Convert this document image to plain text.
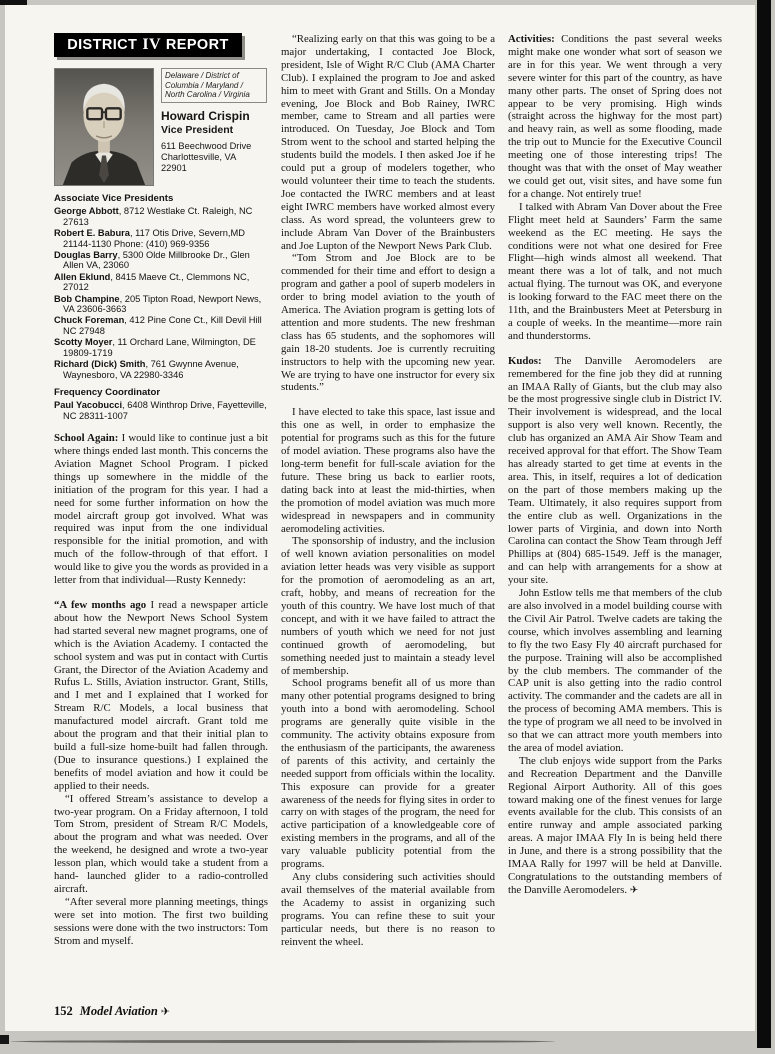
DISTRICT IV REPORT
Delaware / District of Columbia / Maryland / North Carolina / Virginia
Howard Crispin
Vice President
611 Beechwood Drive
Charlottesville, VA
22901
Associate Vice Presidents
George Abbott, 8712 Westlake Ct. Raleigh, NC 27613
Robert E. Babura, 117 Otis Drive, Severn,MD 21144-1130 Phone: (410) 969-9356
Douglas Barry, 5300 Olde Millbrooke Dr., Glen Allen VA, 23060
Allen Eklund, 8415 Maeve Ct., Clemmons NC, 27012
Bob Champine, 205 Tipton Road, Newport News, VA 23606-3663
Chuck Foreman, 412 Pine Cone Ct., Kill Devil Hill NC 27948
Scotty Moyer, 11 Orchard Lane, Wilmington, DE 19809-1719
Richard (Dick) Smith, 761 Gwynne Avenue, Waynesboro, VA 22980-3346
Frequency Coordinator
Paul Yacobucci, 6408 Winthrop Drive, Fayetteville, NC 28311-1007

School Again: I would like to continue just a bit where things ended last month. This concerns the Aviation Magnet School Program. I picked things up somewhere in the middle of the initiation of the program for this year. I had a need for some further information on how the model aircraft group got involved. What was required was input from the one individual responsible for the initial promotion, and with much of the follow-through of that effort. I would like to give you the words as provided in a letter from that individual—Rusty Kennedy:

“A few months ago I read a newspaper article about how the Newport News School System had started several new magnet programs, one of which is the Aviation Academy. I contacted the school system and was put in contact with Curtis Grant, the Director of the Aviation Academy and Rufus L. Stills, Aviation instructor. Grant, Stills, and I met and I explained that I worked for Stream R/C Models, a local business that manufactured model aircraft. Grant told me about the program and that their initial plan to build a full-size home-built had fallen through. (Due to insurance questions.) I explained the benefits of model aviation and how it could be applied to their needs.

“I offered Stream’s assistance to develop a two-year program. On a Friday afternoon, I told Tom Strom, president of Stream R/C Models, about the program and what was needed. Over the weekend, he designed and wrote a two-year lesson plan, which would take a student from a hand- launched glider to a radio-controlled aircraft.

“After several more planning meetings, things were set into motion. The first two building sessions were done with the two instructors: Tom Strom and myself.

“Realizing early on that this was going to be a major undertaking, I contacted Joe Block, president, Isle of Wight R/C Club (AMA Charter Club). I explained the program to Joe and asked him to meet with Grant and Stills. On a Monday evening, Joe Block and Bob Rainey, IWRC member, came to Stream and all parties were introduced. On Tuesday, Joe Block and Tom Strom went to the school and started helping the students build the models. I then asked Joe if he could put a group of modelers together, who would volunteer their time to teach the students. Joe contacted the IWRC members and at least eight IWRC members have worked almost every class. As word spread, the volunteers grew to include Abram Van Dover of the Brainbusters and Joe Lupton of the Newport News Park Club.

“Tom Strom and Joe Block are to be commended for their time and effort to design a program and gather a pool of superb modelers in order to bring model aviation to the youth of America. The Aviation program is getting lots of attention and more students. The new freshman class has 65 students, and the sophomores will gain 18-20 students. Joe is currently recruiting instructors to help with the upcoming new year. We are trying to have one instructor for every six students.”

I have elected to take this space, last issue and this one as well, in order to emphasize the potential for programs such as this for the future of model aviation. These programs also have the long-term benefit for full-scale aviation for the future. These bring us back to earlier roots, dating back into at least the mid-thirties, when the promotion of model aviation was much more widespread in newspapers and in community aeromodeling activities.

The sponsorship of industry, and the inclusion of well known aviation personalities on model aviation letter heads was very visible as support for the promotion of aeromodeling as an art, craft, hobby, and means of recreation for the youth of this country. We have lost much of that concept, and with it we have failed to attract the numbers of youth which we need for not just continued growth of aeromodeling, but something needed just to maintain a steady level of membership.

School programs benefit all of us more than many other potential programs designed to bring youth into a bond with aeromodeling. School programs are generally quite visible in the community. The activity obtains exposure from the enthusiasm of the participants, the awareness of parents of this activity, and certainly the needed support from officials within the locality. This exposure can provide for a greater awareness of the needs for flying sites in order to carry on with stages of the program, the need for active participation of a knowledgeable core of existing members in the programs, and all of the vary valuable publicity potential from the programs.

Any clubs considering such activities should avail themselves of the material available from the Academy to assist in organizing such programs. You can refine these to suit your particular needs, but there is no reason to reinvent the wheel.

Activities: Conditions the past several weeks might make one wonder what sort of season we are in for this year. We went through a very severe winter for this part of the country, as have many other parts. The onset of Spring does not appear to be very promising. High winds (straight across the highway for the most part) and heavy rain, as well as some flooding, made the trip out to Muncie for the Executive Council meeting one of those interesting trips! The thought was that with the onset of May weather we could get out, visit sites, and have some fun for a change. Not entirely true!

I talked with Abram Van Dover about the Free Flight meet held at Saunders’ Farm the same weekend as the EC meeting. He says the conditions were not what one desired for Free Flight—high winds almost all weekend. That meant there was a lot of talk, and not much actual flying. The turnout was OK, and everyone is looking forward to the FAC meet there on the 11th, and the Brainbusters Meet at Petersburg in a couple of weeks. In the meantime—more rain and thunderstorms.

Kudos: The Danville Aeromodelers are remembered for the fine job they did at running an IMAA Rally of Giants, but the club may also be the most progressive single club in District IV. Their involvement is widespread, and the local support is also very well known. Recently, the club has organized an AMA Air Show Team and received approval for that effort. The Show Team has already started to get time at events in the area. This, in itself, requires a lot of dedication on the part of those members making up the Team. Ultimately, it also requires support from the entire club as well. Organizations in the lower parts of Virginia, and down into North Carolina can contact the Show Team through Jeff Phillips at (804) 685-1549. Jeff is the manager, and can help with arrangements for a show at your site.

John Estlow tells me that members of the club are also involved in a model building course with the Civil Air Patrol. Twelve cadets are taking the course, which involves assembling and learning to fly the two Easy Fly 40 aircraft purchased for the purpose. Training will also be accomplished by the club members. The commander of the CAP unit is also getting into the radio control activity. The commander and the cadets are all in the process of becoming AMA members. This is the type of program we all need to be involved in so that we can attract more youth members into the area of model aviation.

The club enjoys wide support from the Parks and Recreation Department and the Danville Regional Airport Authority. All of this goes toward making one of the finest venues for large events available for the club. This consists of an entire runway and ample associated parking areas. A major IMAA Fly In is being held there in June, and there is a strong possibility that the IMAA Rally for 1997 will be held at Danville. Congratulations to the outstanding members of the Danville Aeromodelers. ✈

152 Model Aviation ✈
